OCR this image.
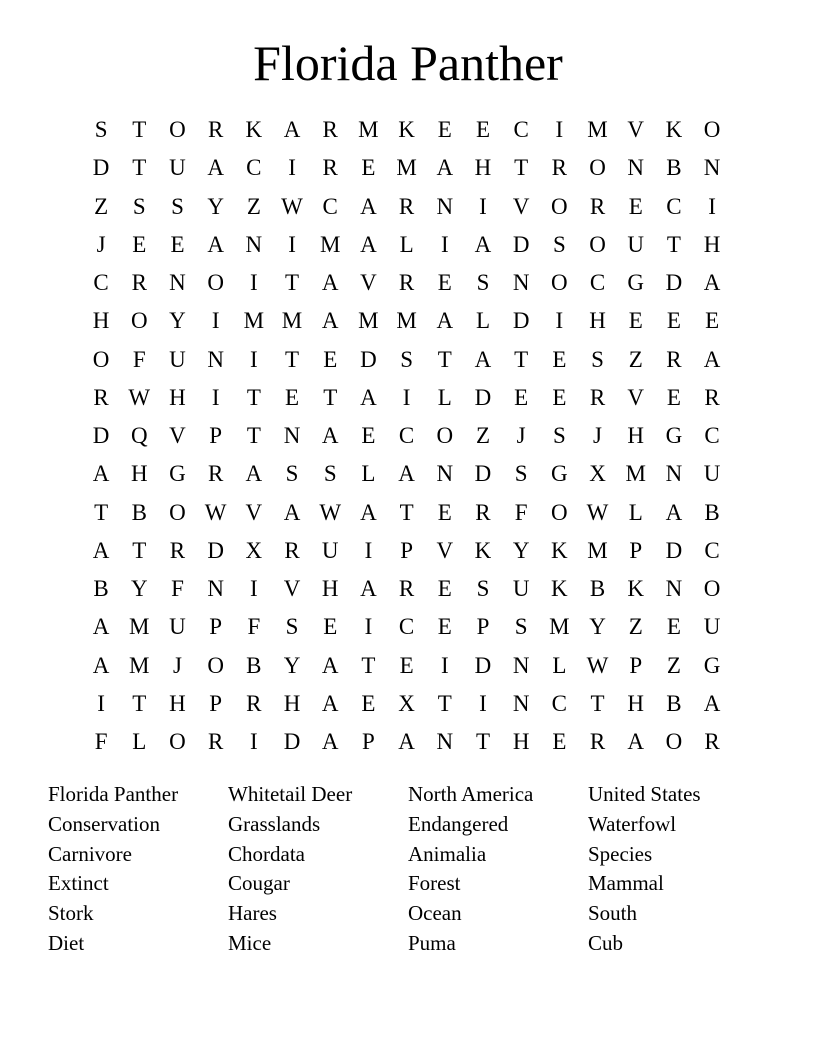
Florida Panther
S	T O R K A R M K E	E	C	I	M V K O
D T U A C	I	R	E M A H T	R O N B N
Z	S	S	Y Z W C A R N	I	V O R	E	C	I
J	E	E A N	I	M A L	I	A D	S	O U T H
C R N O	I	T A V R	E	S	N O C G D A
H O Y	I	M M A M M A L D	I	H E	E	E
O	F	U N	I	T	E D	S	T A T	E	S	Z	R A
R W H	I	T	E	T A	I	L D E	E	R V E	R
D Q V	P	T N A E	C O Z	J	S	J	H G C
A H G R A	S	S	L A N D	S	G X M N U
T	B O W V A W A T	E	R	F	O W L A B
A T	R D X R U	I	P	V K Y K M P	D C
B Y	F	N	I	V H A R	E	S	U K B K N O
A M U	P	F	S	E	I	C	E	P	S M Y Z	E U
A M	J	O B Y A T	E	I	D N L W P	Z G
I	T H	P	R H A E X T	I	N C	T H B A
F	L O R	I	D A	P	A N T H E	R A O R
Florida Panther	Whitetail Deer	North America	United States
Conservation	Grasslands	Endangered	Waterfowl
Carnivore	Chordata	Animalia	Species
Extinct	Cougar	Forest	Mammal
Stork	Hares	Ocean	South
Diet	Mice	Puma	Cub
